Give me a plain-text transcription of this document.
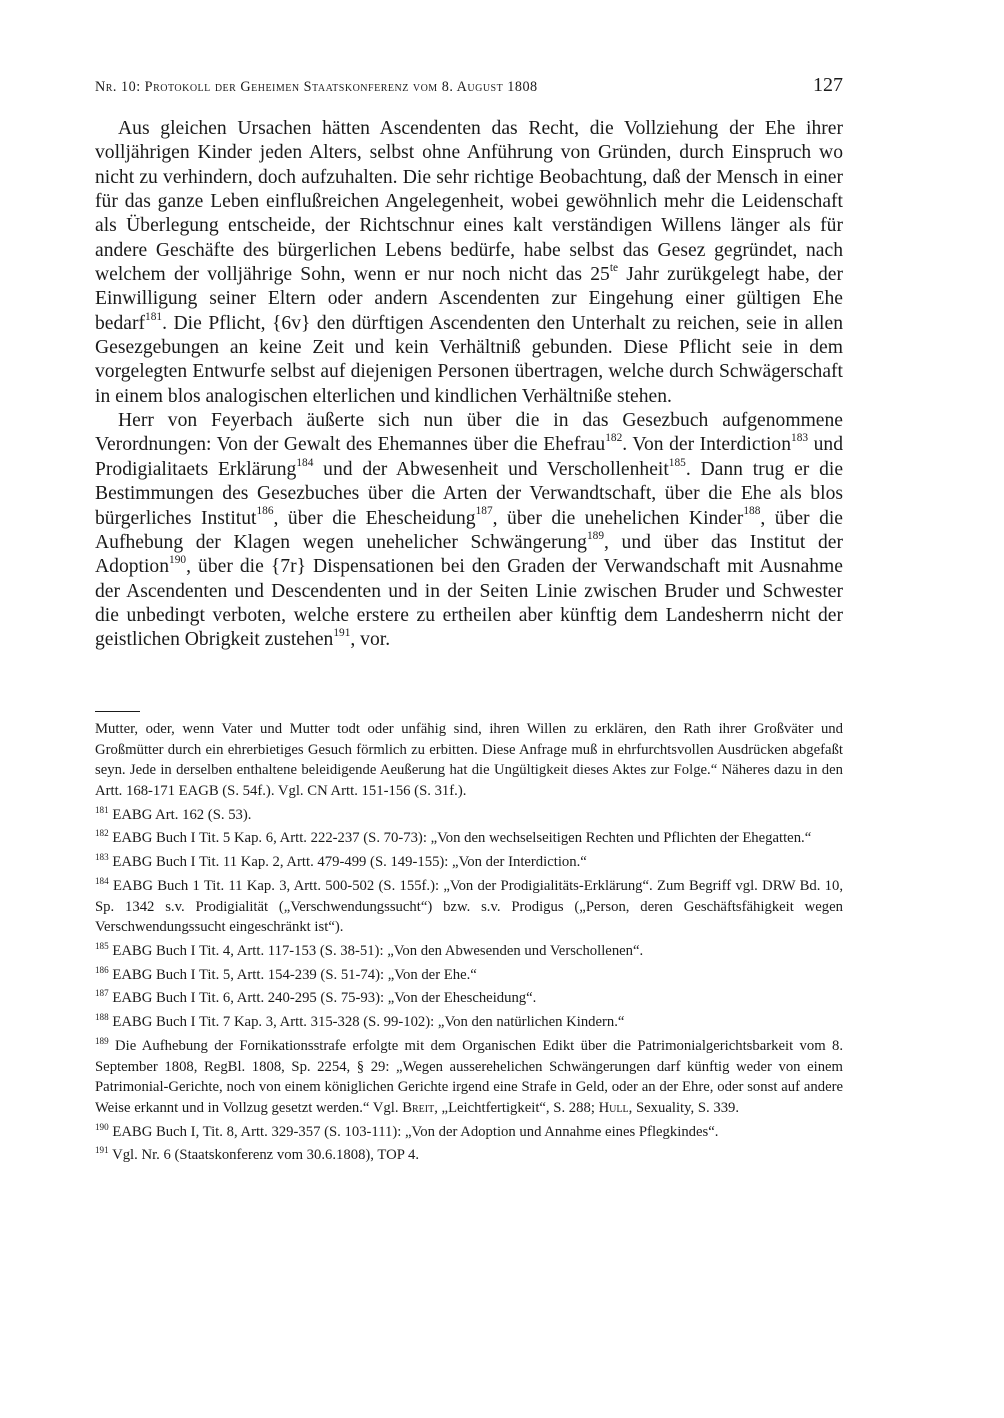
Nr. 10: Protokoll der Geheimen Staatskonferenz vom 8. August 1808	127

Aus gleichen Ursachen hätten Ascendenten das Recht, die Vollziehung der Ehe ihrer volljährigen Kinder jeden Alters, selbst ohne Anführung von Gründen, durch Einspruch wo nicht zu verhindern, doch aufzuhalten. Die sehr richtige Beobachtung, daß der Mensch in einer für das ganze Leben einflußreichen Angelegenheit, wobei gewöhnlich mehr die Leidenschaft als Überlegung entscheide, der Richtschnur eines kalt verständigen Willens länger als für andere Geschäfte des bürgerlichen Lebens bedürfe, habe selbst das Gesez gegründet, nach welchem der volljährige Sohn, wenn er nur noch nicht das $25^{te}$ Jahr zurükgelegt habe, der Einwilligung seiner Eltern oder andern Ascendenten zur Eingehung einer gültigen Ehe bedarf$^{181}$. Die Pflicht, {6v} den dürftigen Ascendenten den Unterhalt zu reichen, seie in allen Gesezgebungen an keine Zeit und kein Verhältniß gebunden. Diese Pflicht seie in dem vorgelegten Entwurfe selbst auf diejenigen Personen übertragen, welche durch Schwägerschaft in einem blos analogischen elterlichen und kindlichen Verhältniße stehen.

Herr von Feyerbach äußerte sich nun über die in das Gesezbuch aufgenommene Verordnungen: Von der Gewalt des Ehemannes über die Ehefrau$^{182}$. Von der Interdiction$^{183}$ und Prodigialitaets Erklärung$^{184}$ und der Abwesenheit und Verschollenheit$^{185}$. Dann trug er die Bestimmungen des Gesezbuches über die Arten der Verwandtschaft, über die Ehe als blos bürgerliches Institut$^{186}$, über die Ehescheidung$^{187}$, über die unehelichen Kinder$^{188}$, über die Aufhebung der Klagen wegen unehelicher Schwängerung$^{189}$, und über das Institut der Adoption$^{190}$, über die {7r} Dispensationen bei den Graden der Verwandschaft mit Ausnahme der Ascendenten und Descendenten und in der Seiten Linie zwischen Bruder und Schwester die unbedingt verboten, welche erstere zu ertheilen aber künftig dem Landesherrn nicht der geistlichen Obrigkeit zustehen$^{191}$, vor.

Mutter, oder, wenn Vater und Mutter todt oder unfähig sind, ihren Willen zu erklären, den Rath ihrer Großväter und Großmütter durch ein ehrerbietiges Gesuch förmlich zu erbitten. Diese Anfrage muß in ehrfurchtsvollen Ausdrücken abgefaßt seyn. Jede in derselben enthaltene beleidigende Aeußerung hat die Ungültigkeit dieses Aktes zur Folge.“ Näheres dazu in den Artt. 168-171 EAGB (S. 54f.). Vgl. CN Artt. 151-156 (S. 31f.).

$^{181}$ EABG Art. 162 (S. 53).

$^{182}$ EABG Buch I Tit. 5 Kap. 6, Artt. 222-237 (S. 70-73): „Von den wechselseitigen Rechten und Pflichten der Ehegatten.“

$^{183}$ EABG Buch I Tit. 11 Kap. 2, Artt. 479-499 (S. 149-155): „Von der Interdiction.“

$^{184}$ EABG Buch 1 Tit. 11 Kap. 3, Artt. 500-502 (S. 155f.): „Von der Prodigialitäts-Erklärung“. Zum Begriff vgl. DRW Bd. 10, Sp. 1342 s.v. Prodigialität („Verschwendungssucht“) bzw. s.v. Prodigus („Person, deren Geschäftsfähigkeit wegen Verschwendungssucht eingeschränkt ist“).

$^{185}$ EABG Buch I Tit. 4, Artt. 117-153 (S. 38-51): „Von den Abwesenden und Verschollenen“.

$^{186}$ EABG Buch I Tit. 5, Artt. 154-239 (S. 51-74): „Von der Ehe.“

$^{187}$ EABG Buch I Tit. 6, Artt. 240-295 (S. 75-93): „Von der Ehescheidung“.

$^{188}$ EABG Buch I Tit. 7 Kap. 3, Artt. 315-328 (S. 99-102): „Von den natürlichen Kindern.“

$^{189}$ Die Aufhebung der Fornikationsstrafe erfolgte mit dem Organischen Edikt über die Patrimonialgerichtsbarkeit vom 8. September 1808, RegBl. 1808, Sp. 2254, § 29: „Wegen ausserehelichen Schwängerungen darf künftig weder von einem Patrimonial-Gerichte, noch von einem königlichen Gerichte irgend eine Strafe in Geld, oder an der Ehre, oder sonst auf andere Weise erkannt und in Vollzug gesetzt werden.“ Vgl. Breit, „Leichtfertigkeit“, S. 288; Hull, Sexuality, S. 339.

$^{190}$ EABG Buch I, Tit. 8, Artt. 329-357 (S. 103-111): „Von der Adoption und Annahme eines Pflegkindes“.

$^{191}$ Vgl. Nr. 6 (Staatskonferenz vom 30.6.1808), TOP 4.
